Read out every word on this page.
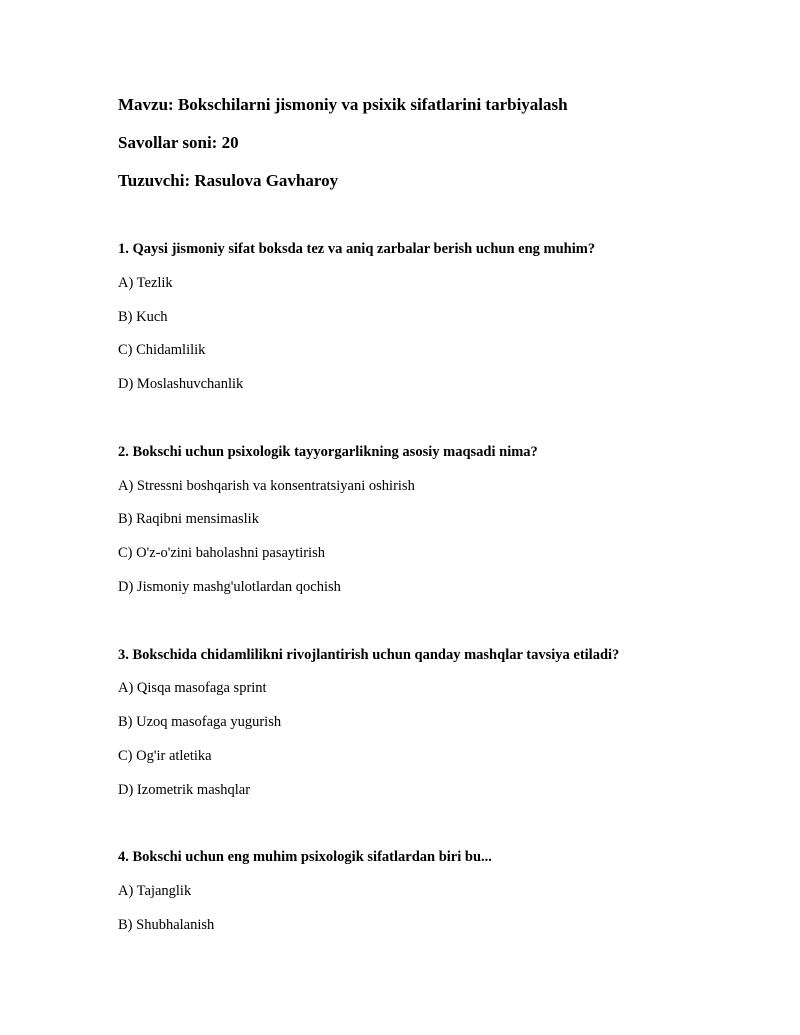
Mavzu: Bokschilarni jismoniy va psixik sifatlarini tarbiyalash

Savollar soni: 20

Tuzuvchi: Rasulova Gavharoy

1. Qaysi jismoniy sifat boksda tez va aniq zarbalar berish uchun eng muhim?

A) Tezlik

B) Kuch

C) Chidamlilik

D) Moslashuvchanlik

2. Bokschi uchun psixologik tayyorgarlikning asosiy maqsadi nima?

A) Stressni boshqarish va konsentratsiyani oshirish

B) Raqibni mensimaslik

C) O'z-o'zini baholashni pasaytirish

D) Jismoniy mashg'ulotlardan qochish

3. Bokschida chidamlilikni rivojlantirish uchun qanday mashqlar tavsiya etiladi?

A) Qisqa masofaga sprint

B) Uzoq masofaga yugurish

C) Og'ir atletika

D) Izometrik mashqlar

4. Bokschi uchun eng muhim psixologik sifatlardan biri bu...

A) Tajanglik

B) Shubhalanish
